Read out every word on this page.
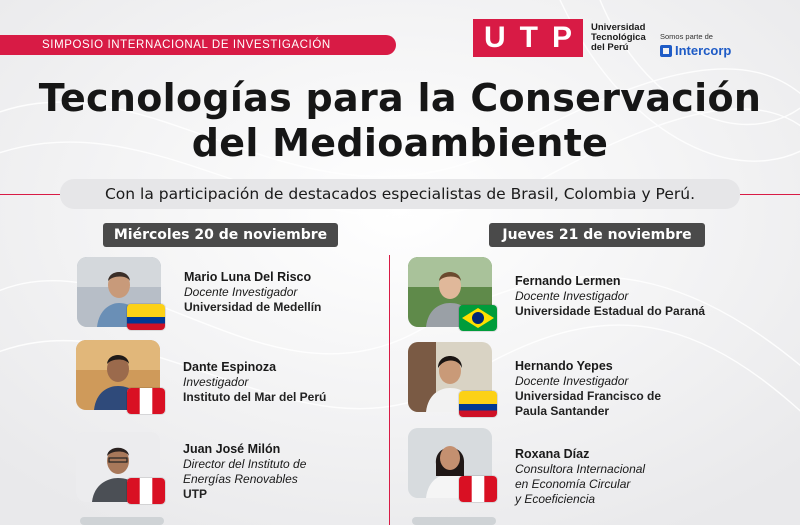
SIMPOSIO INTERNACIONAL DE INVESTIGACIÓN	U T P Universidad
Tecnológica
del Perú
Somos parte de
Intercorp
Tecnologías para la Conservación
del Medioambiente
Con la participación de destacados especialistas de Brasil, Colombia y Perú.
Miércoles 20 de noviembre	Jueves 21 de noviembre
Mario Luna Del Risco
Docente Investigador
Universidad de Medellín
Dante Espinoza
Investigador
Instituto del Mar del Perú
Juan José Milón
Director del Instituto de
Energías Renovables
UTP
Fernando Lermen
Docente Investigador
Universidade Estadual do Paraná
Hernando Yepes
Docente Investigador
Universidad Francisco de
Paula Santander
Roxana Díaz
Consultora Internacional
en Economía Circular
y Ecoeficiencia
